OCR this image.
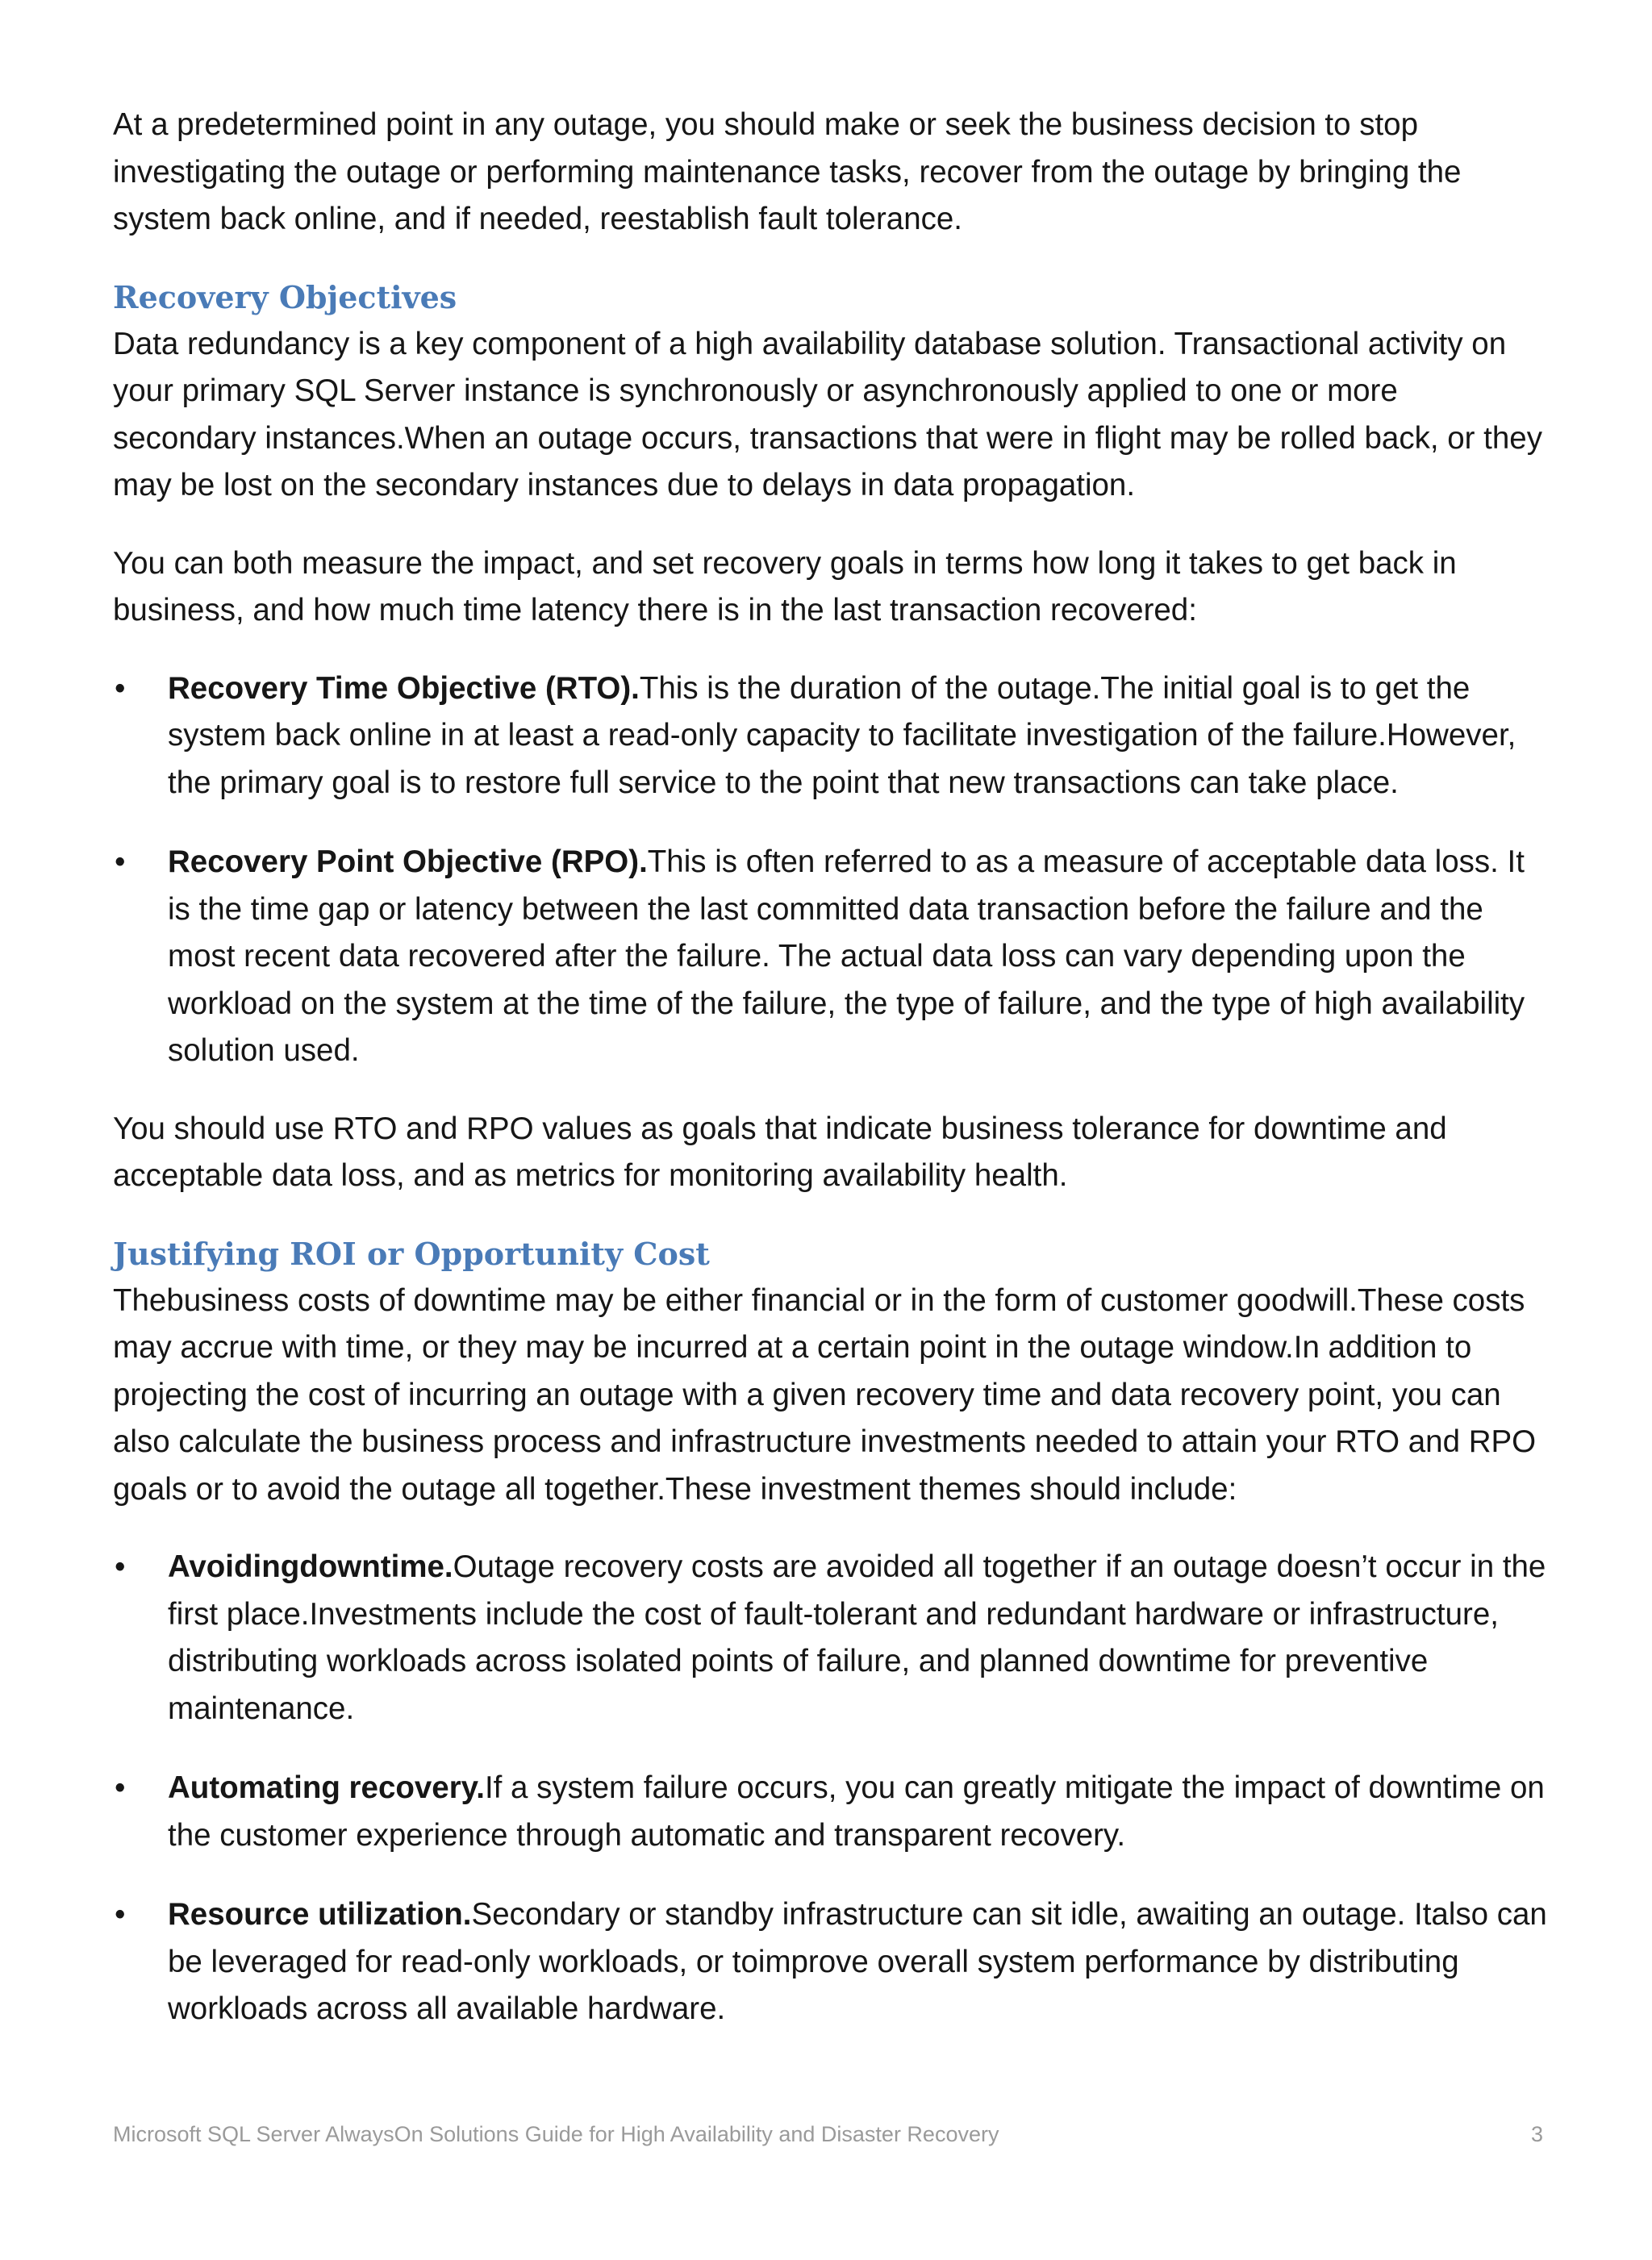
At a predetermined point in any outage, you should make or seek the business decision to stop investigating the outage or performing maintenance tasks, recover from the outage by bringing the system back online, and if needed, reestablish fault tolerance.

Recovery Objectives

Data redundancy is a key component of a high availability database solution. Transactional activity on your primary SQL Server instance is synchronously or asynchronously applied to one or more secondary instances.When an outage occurs, transactions that were in flight may be rolled back, or they may be lost on the secondary instances due to delays in data propagation.

You can both measure the impact, and set recovery goals in terms how long it takes to get back in business, and how much time latency there is in the last transaction recovered:

•	Recovery Time Objective (RTO).This is the duration of the outage.The initial goal is to get the system back online in at least a read-only capacity to facilitate investigation of the failure.However, the primary goal is to restore full service to the point that new transactions can take place.
•	Recovery Point Objective (RPO).This is often referred to as a measure of acceptable data loss. It is the time gap or latency between the last committed data transaction before the failure and the most recent data recovered after the failure. The actual data loss can vary depending upon the workload on the system at the time of the failure, the type of failure, and the type of high availability solution used.

You should use RTO and RPO values as goals that indicate business tolerance for downtime and acceptable data loss, and as metrics for monitoring availability health.

Justifying ROI or Opportunity Cost

Thebusiness costs of downtime may be either financial or in the form of customer goodwill.These costs may accrue with time, or they may be incurred at a certain point in the outage window.In addition to projecting the cost of incurring an outage with a given recovery time and data recovery point, you can also calculate the business process and infrastructure investments needed to attain your RTO and RPO goals or to avoid the outage all together.These investment themes should include:

•	Avoidingdowntime.Outage recovery costs are avoided all together if an outage doesn’t occur in the first place.Investments include the cost of fault-tolerant and redundant hardware or infrastructure, distributing workloads across isolated points of failure, and planned downtime for preventive maintenance.
•	Automating recovery.If a system failure occurs, you can greatly mitigate the impact of downtime on the customer experience through automatic and transparent recovery.
•	Resource utilization.Secondary or standby infrastructure can sit idle, awaiting an outage. Italso can be leveraged for read-only workloads, or toimprove overall system performance by distributing workloads across all available hardware.
Microsoft SQL Server AlwaysOn Solutions Guide for High Availability and Disaster Recovery	3
